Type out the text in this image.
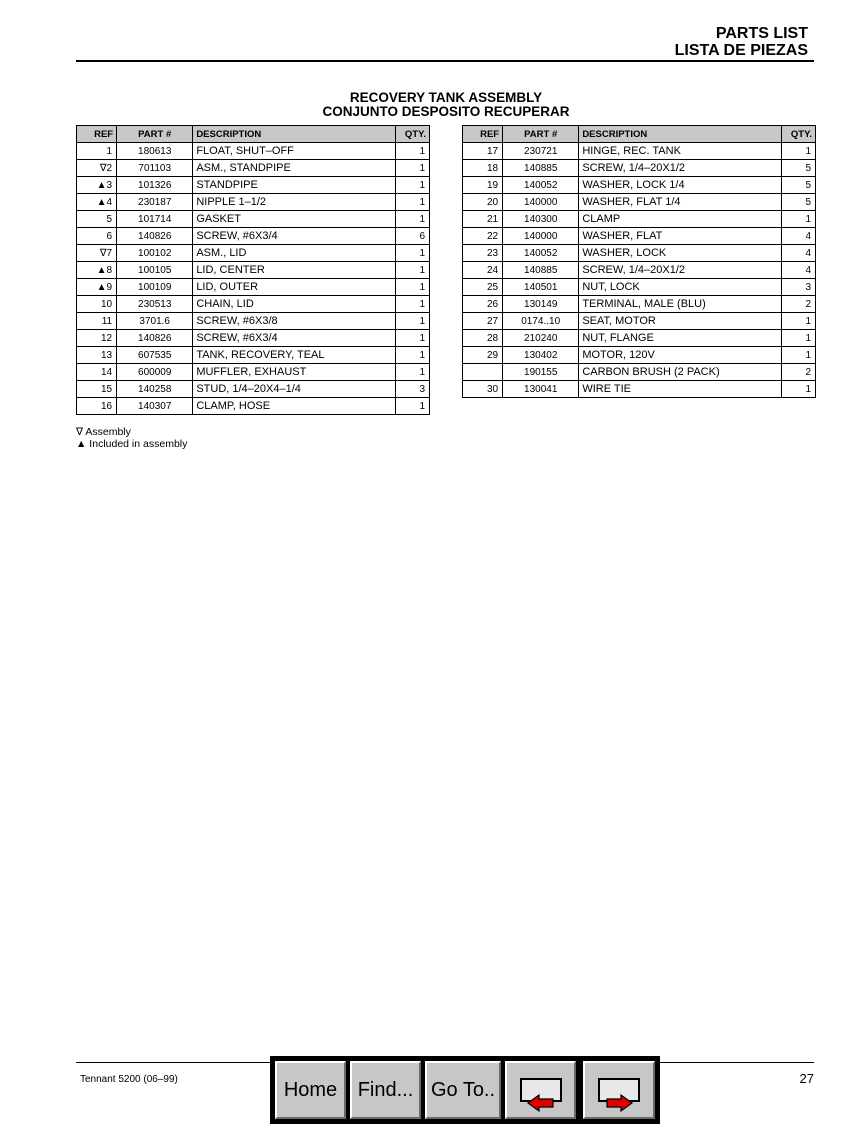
PARTS LIST
LISTA DE PIEZAS
RECOVERY TANK ASSEMBLY
CONJUNTO DESPOSITO RECUPERAR
REF	PART #	DESCRIPTION	QTY.
1	180613	FLOAT, SHUT–OFF	1
∇2	701103	ASM., STANDPIPE	1
▲3	101326	STANDPIPE	1
▲4	230187	NIPPLE 1–1/2	1
5	101714	GASKET	1
6	140826	SCREW, #6X3/4	6
∇7	100102	ASM., LID	1
▲8	100105	LID, CENTER	1
▲9	100109	LID, OUTER	1
10	230513	CHAIN, LID	1
11	3701.6	SCREW, #6X3/8	1
12	140826	SCREW, #6X3/4	1
13	607535	TANK, RECOVERY, TEAL	1
14	600009	MUFFLER, EXHAUST	1
15	140258	STUD, 1/4–20X4–1/4	3
16	140307	CLAMP, HOSE	1
REF	PART #	DESCRIPTION	QTY.
17	230721	HINGE, REC. TANK	1
18	140885	SCREW, 1/4–20X1/2	5
19	140052	WASHER, LOCK 1/4	5
20	140000	WASHER, FLAT 1/4	5
21	140300	CLAMP	1
22	140000	WASHER, FLAT	4
23	140052	WASHER, LOCK	4
24	140885	SCREW, 1/4–20X1/2	4
25	140501	NUT, LOCK	3
26	130149	TERMINAL, MALE (BLU)	2
27	0174..10	SEAT, MOTOR	1
28	210240	NUT, FLANGE	1
29	130402	MOTOR, 120V	1
	190155	CARBON BRUSH (2 PACK)	2
30	130041	WIRE TIE	1
∇ Assembly
▲ Included in assembly
Tennant 5200 (06–99)	27
Home	Find... Go To..
